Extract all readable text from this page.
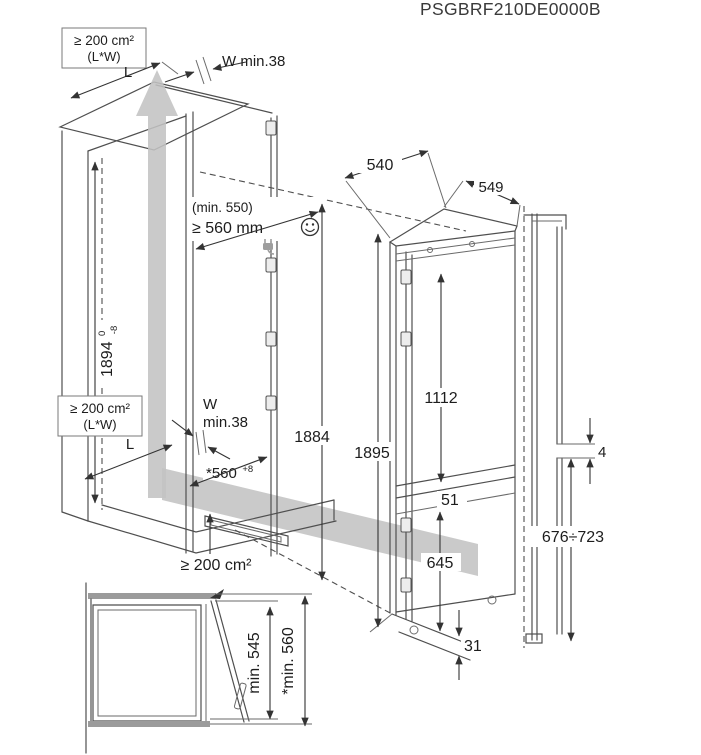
PSGBRF210DE0000B
≥ 200 cm²
(L*W)
L
W min.38
(min. 550)
≥ 560 mm
1894 $^0$ -8
≥ 200 cm²
(L*W)
W
min.38
L
*560 $^{+8}$
≥ 200 cm²
540
549
1884
1895
1112
51
645
31
4
676÷723
min. 545 *min. 560
